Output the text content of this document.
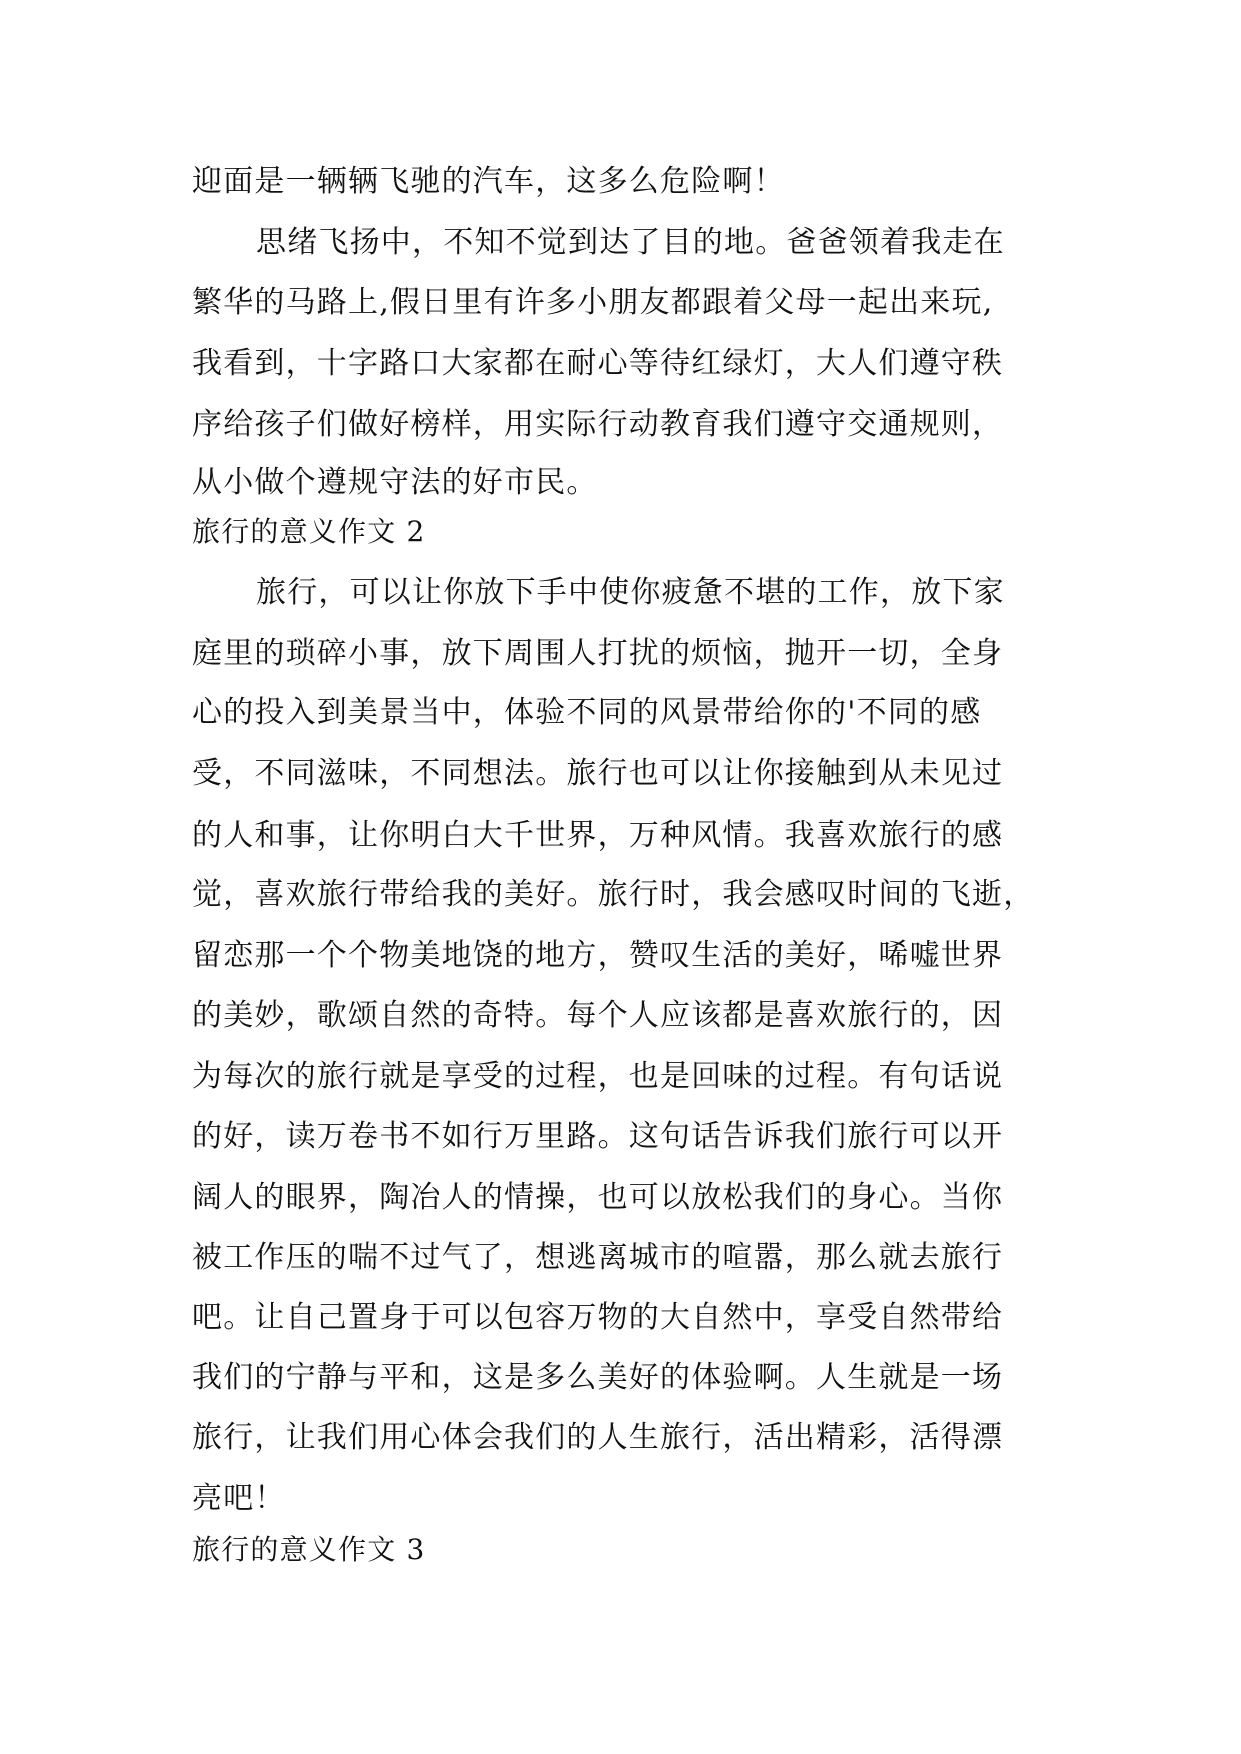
迎面是一辆辆飞驰的汽车，这多么危险啊！
思绪飞扬中，不知不觉到达了目的地。爸爸领着我走在
繁华的马路上,假日里有许多小朋友都跟着父母一起出来玩,
我看到，十字路口大家都在耐心等待红绿灯，大人们遵守秩
序给孩子们做好榜样，用实际行动教育我们遵守交通规则，
从小做个遵规守法的好市民。
旅行的意义作文 2
旅行，可以让你放下手中使你疲惫不堪的工作，放下家
庭里的琐碎小事，放下周围人打扰的烦恼，抛开一切，全身
心的投入到美景当中，体验不同的风景带给你的'不同的感
受，不同滋味，不同想法。旅行也可以让你接触到从未见过
的人和事，让你明白大千世界，万种风情。我喜欢旅行的感
觉，喜欢旅行带给我的美好。旅行时，我会感叹时间的飞逝，
留恋那一个个物美地饶的地方，赞叹生活的美好，唏嘘世界
的美妙，歌颂自然的奇特。每个人应该都是喜欢旅行的，因
为每次的旅行就是享受的过程，也是回味的过程。有句话说
的好，读万卷书不如行万里路。这句话告诉我们旅行可以开
阔人的眼界，陶冶人的情操，也可以放松我们的身心。当你
被工作压的喘不过气了，想逃离城市的喧嚣，那么就去旅行
吧。让自己置身于可以包容万物的大自然中，享受自然带给
我们的宁静与平和，这是多么美好的体验啊。人生就是一场
旅行，让我们用心体会我们的人生旅行，活出精彩，活得漂
亮吧！
旅行的意义作文 3
